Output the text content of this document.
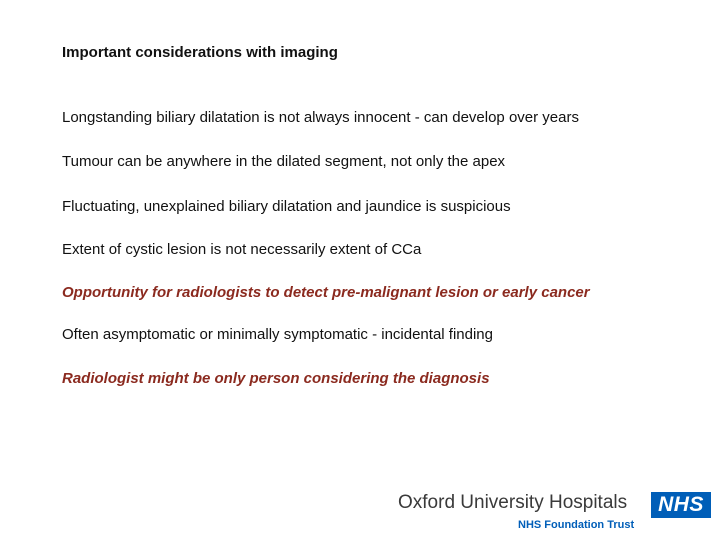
Important considerations with imaging
Longstanding biliary dilatation is not always innocent - can develop over years
Tumour can be anywhere in the dilated segment, not only the apex
Fluctuating, unexplained biliary dilatation and jaundice is suspicious
Extent of cystic lesion is not necessarily extent of CCa
Opportunity for radiologists to detect pre-malignant lesion or early cancer
Often asymptomatic or minimally symptomatic - incidental finding
Radiologist might be only person considering the diagnosis
Oxford University Hospitals
NHS Foundation Trust
NHS
